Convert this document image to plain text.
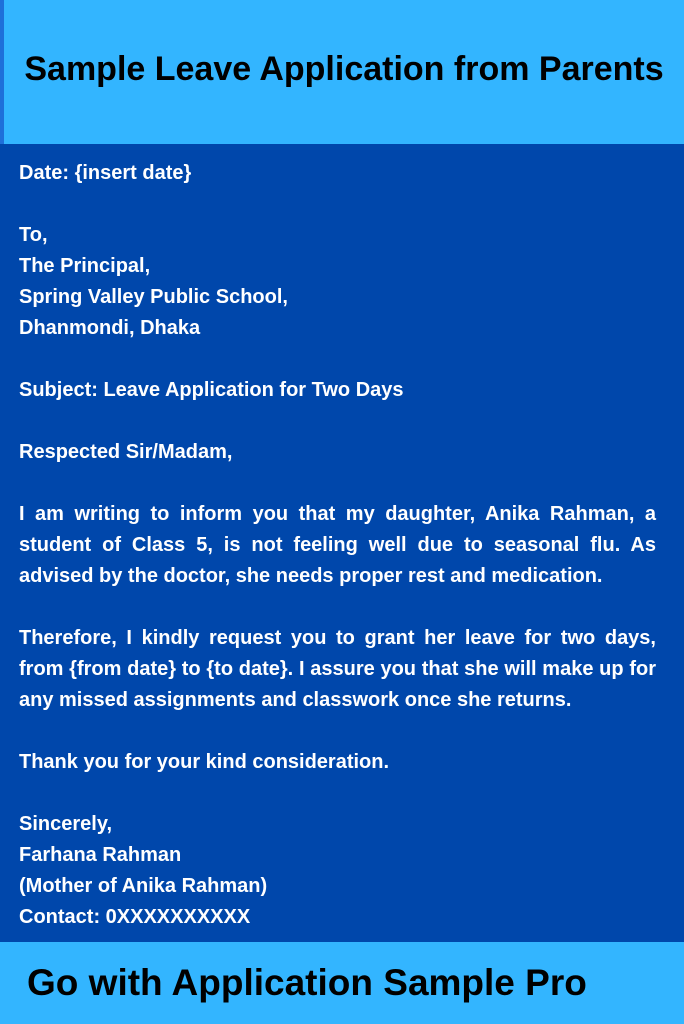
Sample Leave Application from Parents
Date: {insert date}
To,
The Principal,
Spring Valley Public School,
Dhanmondi, Dhaka
Subject: Leave Application for Two Days
Respected Sir/Madam,
I am writing to inform you that my daughter, Anika Rahman, a student of Class 5, is not feeling well due to seasonal flu. As advised by the doctor, she needs proper rest and medication.
Therefore, I kindly request you to grant her leave for two days, from {from date} to {to date}. I assure you that she will make up for any missed assignments and classwork once she returns.
Thank you for your kind consideration.
Sincerely,
Farhana Rahman
(Mother of Anika Rahman)
Contact: 0XXXXXXXXXX
Go with Application Sample Pro
